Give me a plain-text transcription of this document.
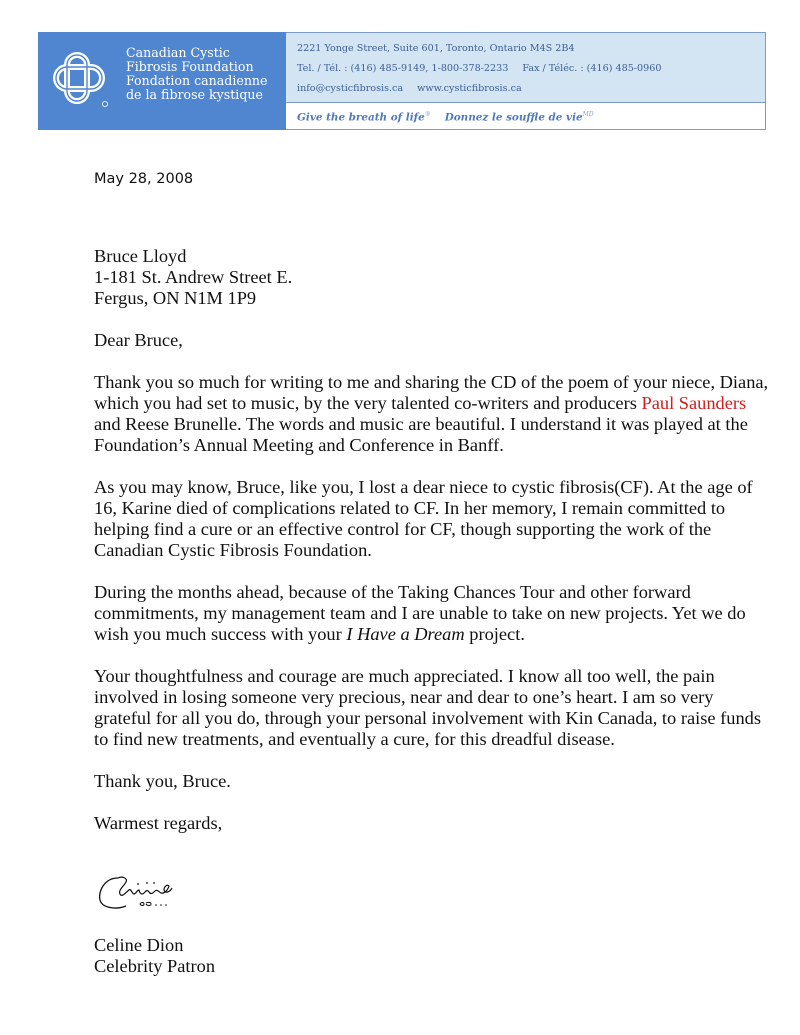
Canadian Cystic
Fibrosis Foundation
Fondation canadienne
de la fibrose kystique
2221 Yonge Street, Suite 601, Toronto, Ontario M4S 2B4
Tel. / Tél. : (416) 485-9149, 1-800-378-2233 Fax / Téléc. : (416) 485-0960
info@cysticfibrosis.ca www.cysticfibrosis.ca
Give the breath of life® Donnez le souffle de vie$^{MD}$
May 28, 2008

Bruce Lloyd
1-181 St. Andrew Street E.
Fergus, ON N1M 1P9

Dear Bruce,

Thank you so much for writing to me and sharing the CD of the poem of your niece, Diana, which you had set to music, by the very talented co-writers and producers Paul Saunders and Reese Brunelle. The words and music are beautiful. I understand it was played at the Foundation’s Annual Meeting and Conference in Banff.

As you may know, Bruce, like you, I lost a dear niece to cystic fibrosis(CF). At the age of 16, Karine died of complications related to CF. In her memory, I remain committed to helping find a cure or an effective control for CF, though supporting the work of the Canadian Cystic Fibrosis Foundation.

During the months ahead, because of the Taking Chances Tour and other forward commitments, my management team and I are unable to take on new projects. Yet we do wish you much success with your I Have a Dream project.

Your thoughtfulness and courage are much appreciated. I know all too well, the pain involved in losing someone very precious, near and dear to one’s heart. I am so very grateful for all you do, through your personal involvement with Kin Canada, to raise funds to find new treatments, and eventually a cure, for this dreadful disease.

Thank you, Bruce.

Warmest regards,

Celine Dion
Celebrity Patron
